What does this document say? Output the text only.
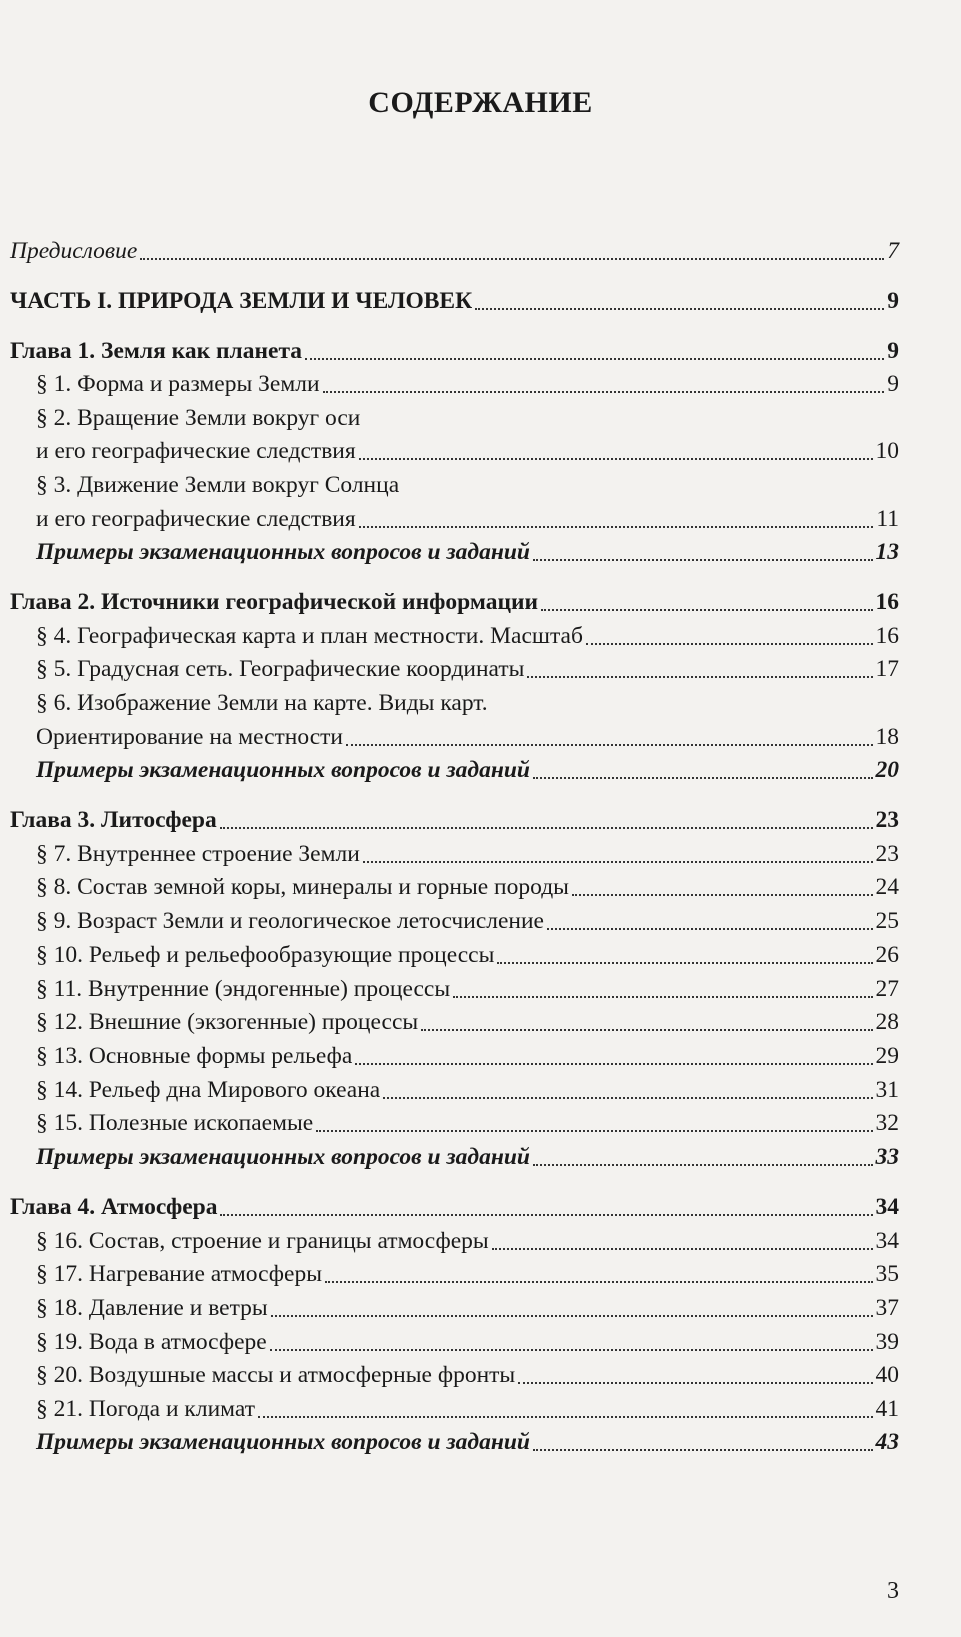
СОДЕРЖАНИЕ
Предисловие	7
ЧАСТЬ I. ПРИРОДА ЗЕМЛИ И ЧЕЛОВЕК	9
Глава 1. Земля как планета	9
§ 1. Форма и размеры Земли	9
§ 2. Вращение Земли вокруг оси
и его географические следствия	10
§ 3. Движение Земли вокруг Солнца
и его географические следствия	11
Примеры экзаменационных вопросов и заданий	13
Глава 2. Источники географической информации	16
§ 4. Географическая карта и план местности. Масштаб	16
§ 5. Градусная сеть. Географические координаты	17
§ 6. Изображение Земли на карте. Виды карт.
Ориентирование на местности	18
Примеры экзаменационных вопросов и заданий	20
Глава 3. Литосфера	23
§ 7. Внутреннее строение Земли	23
§ 8. Состав земной коры, минералы и горные породы	24
§ 9. Возраст Земли и геологическое летосчисление	25
§ 10. Рельеф и рельефообразующие процессы	26
§ 11. Внутренние (эндогенные) процессы	27
§ 12. Внешние (экзогенные) процессы	28
§ 13. Основные формы рельефа	29
§ 14. Рельеф дна Мирового океана	31
§ 15. Полезные ископаемые	32
Примеры экзаменационных вопросов и заданий	33
Глава 4. Атмосфера	34
§ 16. Состав, строение и границы атмосферы	34
§ 17. Нагревание атмосферы	35
§ 18. Давление и ветры	37
§ 19. Вода в атмосфере	39
§ 20. Воздушные массы и атмосферные фронты	40
§ 21. Погода и климат	41
Примеры экзаменационных вопросов и заданий	43
3
